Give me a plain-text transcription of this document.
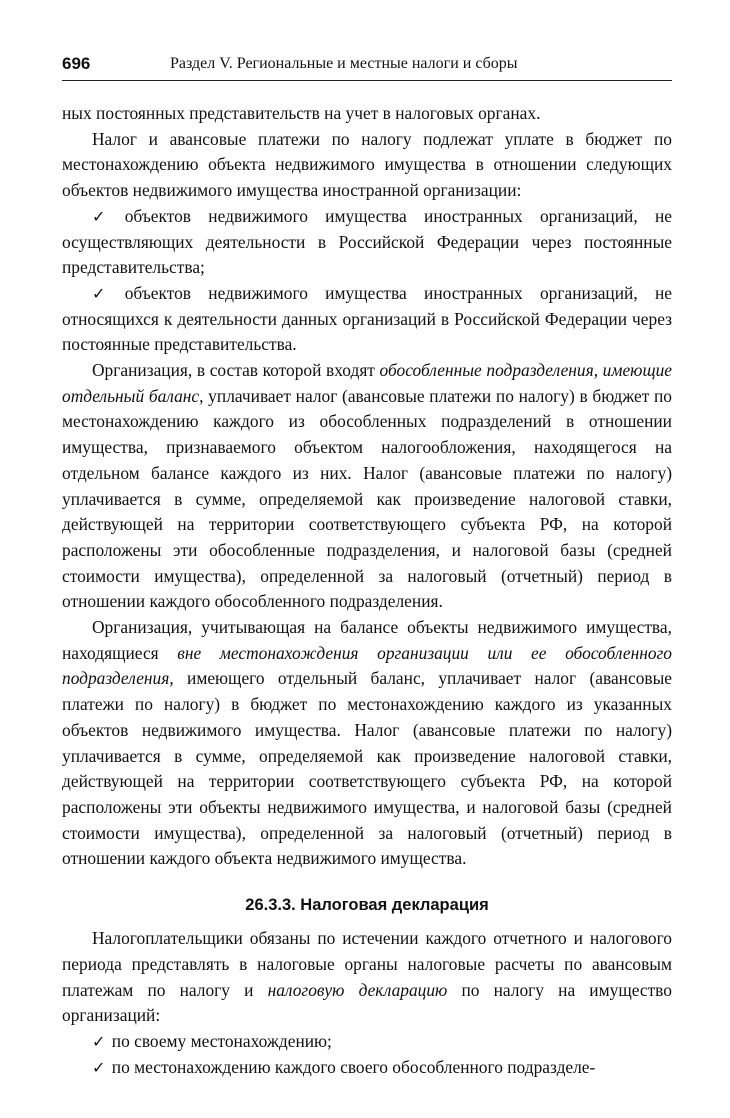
696	Раздел V. Региональные и местные налоги и сборы

ных постоянных представительств на учет в налоговых органах.

Налог и авансовые платежи по налогу подлежат уплате в бюджет по местонахождению объекта недвижимого имущества в отношении следующих объектов недвижимого имущества иностранной организации:

✓ объектов недвижимого имущества иностранных организаций, не осуществляющих деятельности в Российской Федерации через постоянные представительства;

✓ объектов недвижимого имущества иностранных организаций, не относящихся к деятельности данных организаций в Российской Федерации через постоянные представительства.

Организация, в состав которой входят обособленные подразделения, имеющие отдельный баланс, уплачивает налог (авансовые платежи по налогу) в бюджет по местонахождению каждого из обособленных подразделений в отношении имущества, признаваемого объектом налогообложения, находящегося на отдельном балансе каждого из них. Налог (авансовые платежи по налогу) уплачивается в сумме, определяемой как произведение налоговой ставки, действующей на территории соответствующего субъекта РФ, на которой расположены эти обособленные подразделения, и налоговой базы (средней стоимости имущества), определенной за налоговый (отчетный) период в отношении каждого обособленного подразделения.

Организация, учитывающая на балансе объекты недвижимого имущества, находящиеся вне местонахождения организации или ее обособленного подразделения, имеющего отдельный баланс, уплачивает налог (авансовые платежи по налогу) в бюджет по местонахождению каждого из указанных объектов недвижимого имущества. Налог (авансовые платежи по налогу) уплачивается в сумме, определяемой как произведение налоговой ставки, действующей на территории соответствующего субъекта РФ, на которой расположены эти объекты недвижимого имущества, и налоговой базы (средней стоимости имущества), определенной за налоговый (отчетный) период в отношении каждого объекта недвижимого имущества.

26.3.3. Налоговая декларация

Налогоплательщики обязаны по истечении каждого отчетного и налогового периода представлять в налоговые органы налоговые расчеты по авансовым платежам по налогу и налоговую декларацию по налогу на имущество организаций:

✓ по своему местонахождению;

✓ по местонахождению каждого своего обособленного подразделе-
